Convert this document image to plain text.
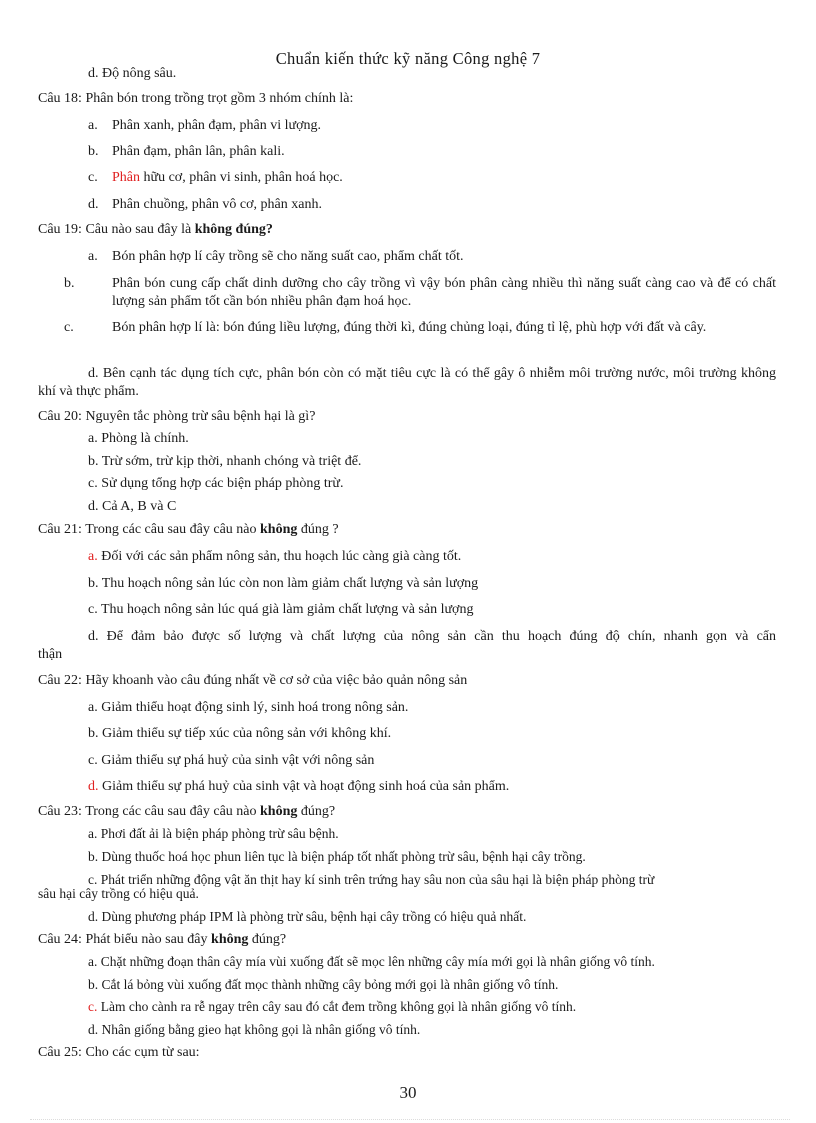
Chuẩn kiến thức kỹ năng Công nghệ 7
d. Độ nông sâu.
Câu 18: Phân bón trong trồng trọt gồm 3 nhóm chính là:
a. Phân xanh, phân đạm, phân vi lượng.
b. Phân đạm, phân lân, phân kali.
c. Phân hữu cơ, phân vi sinh, phân hoá học.
d. Phân chuồng, phân vô cơ, phân xanh.
Câu 19: Câu nào sau đây là không đúng?
a. Bón phân hợp lí cây trồng sẽ cho năng suất cao, phẩm chất tốt.
b.	Phân bón cung cấp chất dinh dưỡng cho cây trồng vì vậy bón phân càng nhiều thì năng suất càng cao và để có chất lượng sản phẩm tốt cần bón nhiều phân đạm hoá học.
c.	Bón phân hợp lí là: bón đúng liều lượng, đúng thời kì, đúng chủng loại, đúng tỉ lệ, phù hợp với đất và cây.
d. Bên cạnh tác dụng tích cực, phân bón còn có mặt tiêu cực là có thể gây ô nhiễm môi trường nước, môi trường không khí và thực phẩm.
Câu 20: Nguyên tắc phòng trừ sâu bệnh hại là gì?
a. Phòng là chính.
b. Trừ sớm, trừ kịp thời, nhanh chóng và triệt để.
c. Sử dụng tổng hợp các biện pháp phòng trừ.
d. Cả A, B và C
Câu 21: Trong các câu sau đây câu nào không đúng ?
a. Đối với các sản phẩm nông sản, thu hoạch lúc càng già càng tốt.
b. Thu hoạch nông sản lúc còn non làm giảm chất lượng và sản lượng
c. Thu hoạch nông sản lúc quá già làm giảm chất lượng và sản lượng
d. Để đảm bảo được số lượng và chất lượng của nông sản cần thu hoạch đúng độ chín, nhanh gọn và cẩn
thận
Câu 22: Hãy khoanh vào câu đúng nhất về cơ sở của việc bảo quản nông sản
a. Giảm thiểu hoạt động sinh lý, sinh hoá trong nông sản.
b. Giảm thiểu sự tiếp xúc của nông sản với không khí.
c. Giảm thiểu sự phá huỷ của sinh vật với nông sản
d. Giảm thiểu sự phá huỷ của sinh vật và hoạt động sinh hoá của sản phẩm.
Câu 23: Trong các câu sau đây câu nào không đúng?
a. Phơi đất ải là biện pháp phòng trừ sâu bệnh.
b. Dùng thuốc hoá học phun liên tục là biện pháp tốt nhất phòng trừ sâu, bệnh hại cây trồng.
c. Phát triển những động vật ăn thịt hay kí sinh trên trứng hay sâu non của sâu hại là biện pháp phòng trừ
sâu hại cây trồng có hiệu quả.
d. Dùng phương pháp IPM là phòng trừ sâu, bệnh hại cây trồng có hiệu quả nhất.
Câu 24: Phát biểu nào sau đây không đúng?
a. Chặt những đoạn thân cây mía vùi xuống đất sẽ mọc lên những cây mía mới gọi là nhân giống vô tính.
b. Cắt lá bỏng vùi xuống đất mọc thành những cây bỏng mới gọi là nhân giống vô tính.
c. Làm cho cành ra rễ ngay trên cây sau đó cắt đem trồng không gọi là nhân giống vô tính.
d. Nhân giống bằng gieo hạt không gọi là nhân giống vô tính.
Câu 25: Cho các cụm từ sau:
30
